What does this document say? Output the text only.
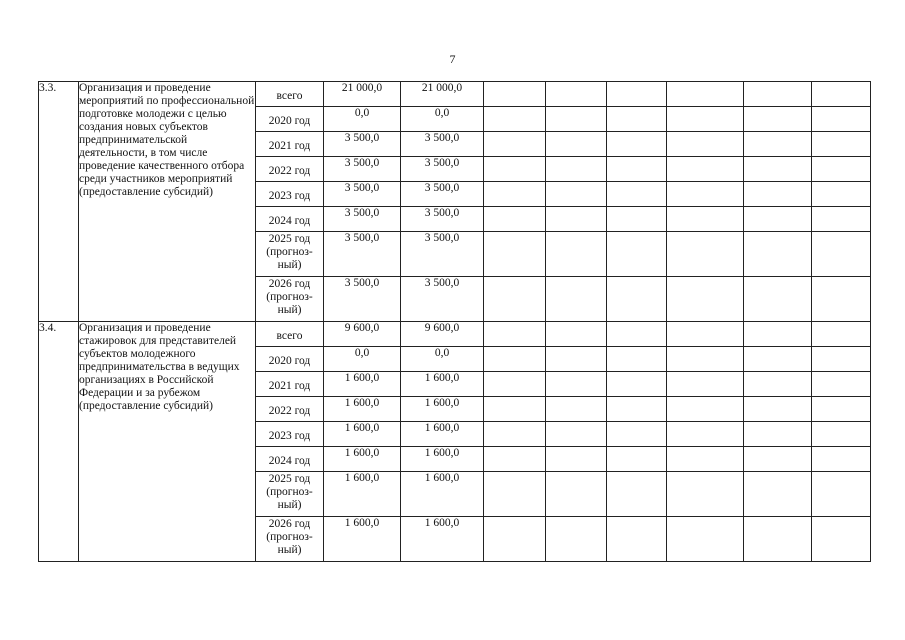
7
3.3.	Организация и проведение мероприятий по профессиональной подготовке молодежи с целью создания новых субъектов предпринимательской деятельности, в том числе проведение качественного отбора среди участников мероприятий (предоставление субсидий)	всего	21 000,0	21 000,0						

		2020 год	0,0	0,0						

		2021 год	3 500,0	3 500,0						

		2022 год	3 500,0	3 500,0						

		2023 год	3 500,0	3 500,0						

		2024 год	3 500,0	3 500,0						

		2025 год
(прогноз-
ный)	3 500,0	3 500,0						

		2026 год
(прогноз-
ный)	3 500,0	3 500,0						
3.4.	Организация и проведение стажировок для представителей субъектов молодежного предпринимательства в ведущих организациях в Российской Федерации и за рубежом (предоставление субсидий)	всего	9 600,0	9 600,0						

		2020 год	0,0	0,0						

		2021 год	1 600,0	1 600,0						

		2022 год	1 600,0	1 600,0						

		2023 год	1 600,0	1 600,0						

		2024 год	1 600,0	1 600,0						

		2025 год
(прогноз-
ный)	1 600,0	1 600,0						

		2026 год
(прогноз-
ный)	1 600,0	1 600,0						
